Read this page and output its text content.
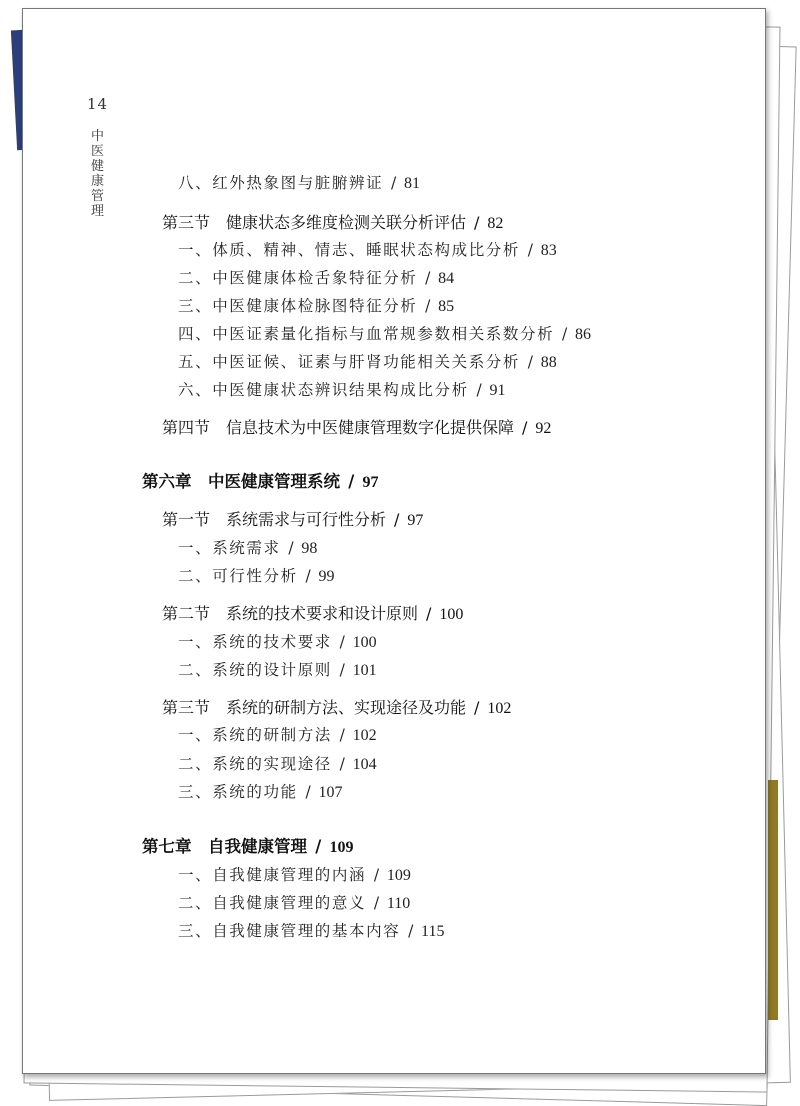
14
中医健康管理
八、红外热象图与脏腑辨证 / 81
第三节　健康状态多维度检测关联分析评估 / 82
一、体质、精神、情志、睡眠状态构成比分析 / 83
二、中医健康体检舌象特征分析 / 84
三、中医健康体检脉图特征分析 / 85
四、中医证素量化指标与血常规参数相关系数分析 / 86
五、中医证候、证素与肝肾功能相关关系分析 / 88
六、中医健康状态辨识结果构成比分析 / 91
第四节　信息技术为中医健康管理数字化提供保障 / 92
第六章　中医健康管理系统 / 97
第一节　系统需求与可行性分析 / 97
一、系统需求 / 98
二、可行性分析 / 99
第二节　系统的技术要求和设计原则 / 100
一、系统的技术要求 / 100
二、系统的设计原则 / 101
第三节　系统的研制方法、实现途径及功能 / 102
一、系统的研制方法 / 102
二、系统的实现途径 / 104
三、系统的功能 / 107
第七章　自我健康管理 / 109
一、自我健康管理的内涵 / 109
二、自我健康管理的意义 / 110
三、自我健康管理的基本内容 / 115
